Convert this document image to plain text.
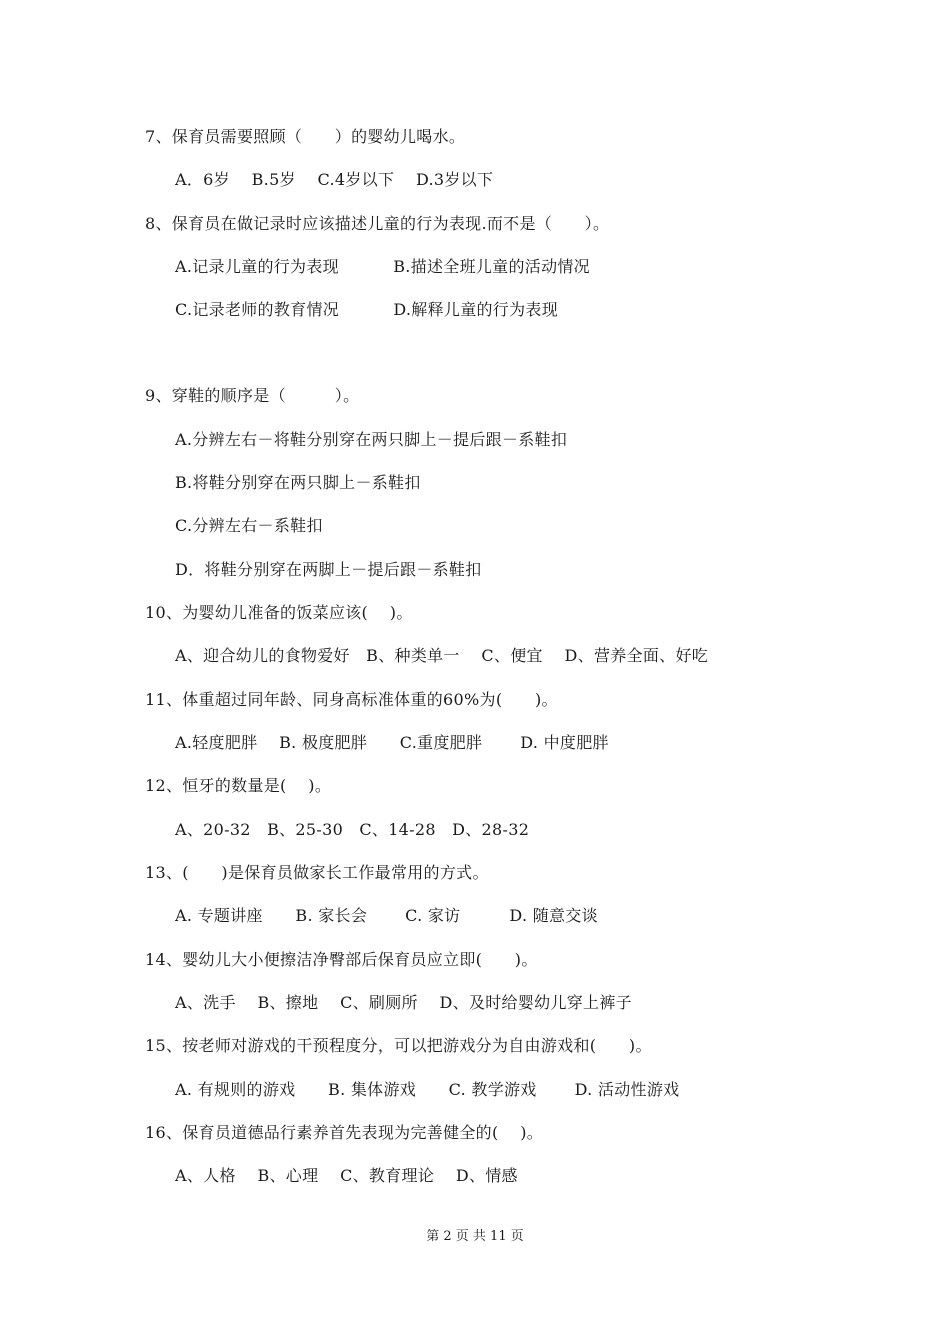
7、保育员需要照顾（　　）的婴幼儿喝水。
A．6岁　 B.5岁　 C.4岁以下　 D.3岁以下
8、保育员在做记录时应该描述儿童的行为表现.而不是（　　）。
A.记录儿童的行为表现　　　 B.描述全班儿童的活动情况
C.记录老师的教育情况　　　 D.解释儿童的行为表现
9、穿鞋的顺序是（　　　）。
A.分辨左右－将鞋分别穿在两只脚上－提后跟－系鞋扣
B.将鞋分别穿在两只脚上－系鞋扣
C.分辨左右－系鞋扣
D．将鞋分别穿在两脚上－提后跟－系鞋扣
10、为婴幼儿准备的饭菜应该(　 )。
A、迎合幼儿的食物爱好　B、种类单一　 C、便宜　 D、营养全面、好吃
11、体重超过同年龄、同身高标准体重的60%为(　　)。
A.轻度肥胖　 B. 极度肥胖　　C.重度肥胖　　 D. 中度肥胖
12、恒牙的数量是(　 )。
A、20-32　B、25-30　C、14-28　D、28-32
13、(　　)是保育员做家长工作最常用的方式。
A. 专题讲座　　B. 家长会　　 C. 家访　　　D. 随意交谈
14、婴幼儿大小便擦洁净臀部后保育员应立即(　　)。
A、洗手　 B、擦地　 C、刷厕所　 D、及时给婴幼儿穿上裤子
15、按老师对游戏的干预程度分，可以把游戏分为自由游戏和(　　)。
A. 有规则的游戏　　B. 集体游戏　　C. 教学游戏　　 D. 活动性游戏
16、保育员道德品行素养首先表现为完善健全的(　 )。
A、人格　 B、心理　 C、教育理论　 D、情感
第 2 页 共 11 页
